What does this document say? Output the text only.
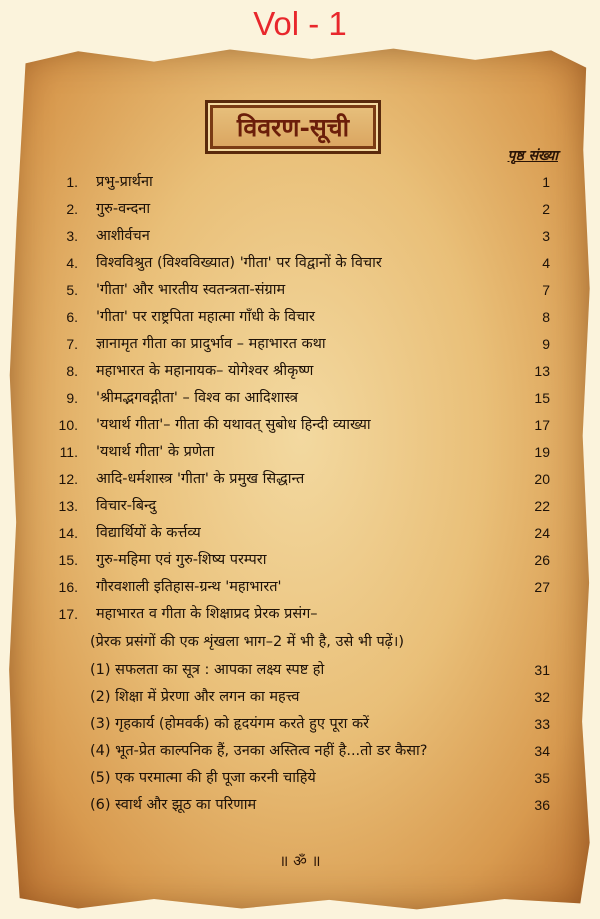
Vol - 1
विवरण-सूची
पृष्ठ संख्या
1. प्रभु-प्रार्थना	1
2. गुरु-वन्दना	2
3. आशीर्वचन	3
4. विश्वविश्रुत (विश्वविख्यात) 'गीता' पर विद्वानों के विचार	4
5. 'गीता' और भारतीय स्वतन्त्रता-संग्राम	7
6. 'गीता' पर राष्ट्रपिता महात्मा गाँधी के विचार	8
7. ज्ञानामृत गीता का प्रादुर्भाव – महाभारत कथा	9
8. महाभारत के महानायक– योगेश्वर श्रीकृष्ण	13
9. 'श्रीमद्भगवद्गीता' – विश्व का आदिशास्त्र	15
10. 'यथार्थ गीता'– गीता की यथावत् सुबोध हिन्दी व्याख्या	17
11. 'यथार्थ गीता' के प्रणेता	19
12. आदि-धर्मशास्त्र 'गीता' के प्रमुख सिद्धान्त	20
13. विचार-बिन्दु	22
14. विद्यार्थियों के कर्त्तव्य	24
15. गुरु-महिमा एवं गुरु-शिष्य परम्परा	26
16. गौरवशाली इतिहास-ग्रन्थ 'महाभारत'	27
17. महाभारत व गीता के शिक्षाप्रद प्रेरक प्रसंग–
(प्रेरक प्रसंगों की एक शृंखला भाग–2 में भी है, उसे भी पढ़ें।)
(1) सफलता का सूत्र : आपका लक्ष्य स्पष्ट हो	31
(2) शिक्षा में प्रेरणा और लगन का महत्त्व	32
(3) गृहकार्य (होमवर्क) को हृदयंगम करते हुए पूरा करें	33
(4) भूत-प्रेत काल्पनिक हैं, उनका अस्तित्व नहीं है...तो डर कैसा?	34
(5) एक परमात्मा की ही पूजा करनी चाहिये	35
(6) स्वार्थ और झूठ का परिणाम	36
॥ ॐ ॥
